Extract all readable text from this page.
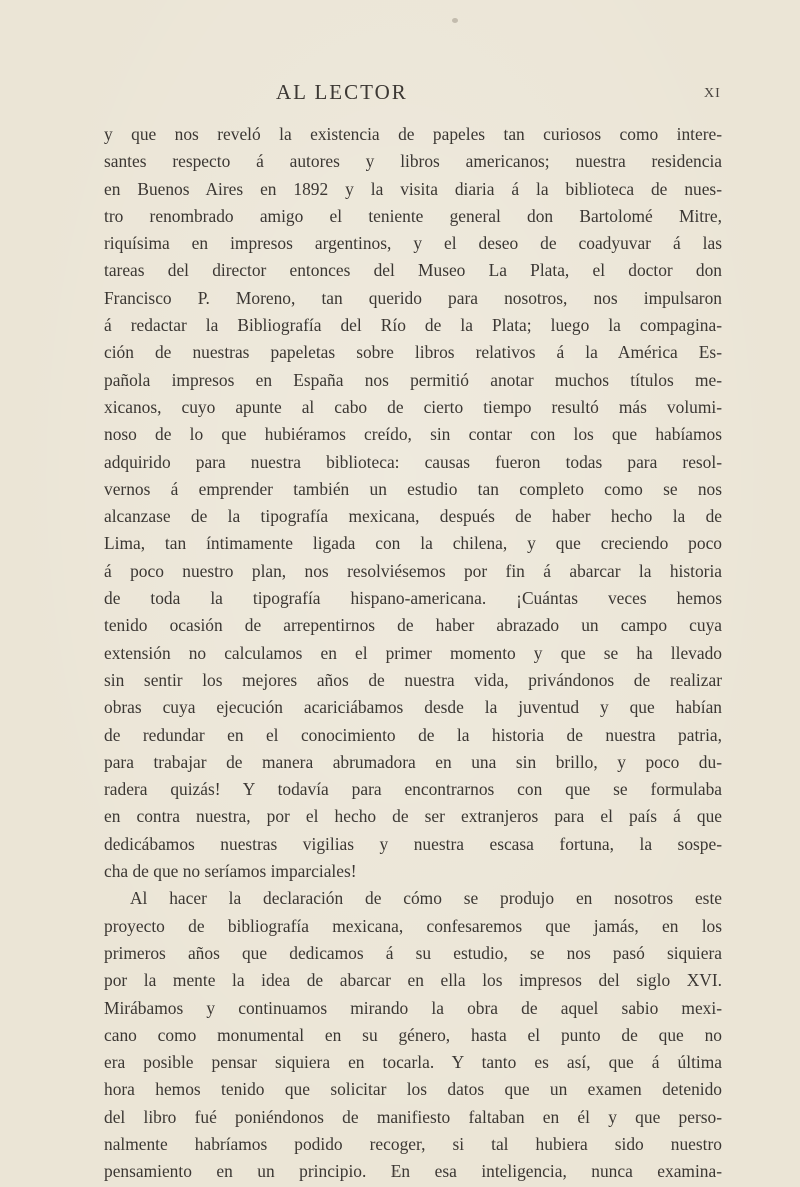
AL LECTOR	XI
y que nos reveló la existencia de papeles tan curiosos como intere-
santes respecto á autores y libros americanos; nuestra residencia
en Buenos Aires en 1892 y la visita diaria á la biblioteca de nues-
tro renombrado amigo el teniente general don Bartolomé Mitre,
riquísima en impresos argentinos, y el deseo de coadyuvar á las
tareas del director entonces del Museo La Plata, el doctor don
Francisco P. Moreno, tan querido para nosotros, nos impulsaron
á redactar la Bibliografía del Río de la Plata; luego la compagina-
ción de nuestras papeletas sobre libros relativos á la América Es-
pañola impresos en España nos permitió anotar muchos títulos me-
xicanos, cuyo apunte al cabo de cierto tiempo resultó más volumi-
noso de lo que hubiéramos creído, sin contar con los que habíamos
adquirido para nuestra biblioteca: causas fueron todas para resol-
vernos á emprender también un estudio tan completo como se nos
alcanzase de la tipografía mexicana, después de haber hecho la de
Lima, tan íntimamente ligada con la chilena, y que creciendo poco
á poco nuestro plan, nos resolviésemos por fin á abarcar la historia
de toda la tipografía hispano-americana. ¡Cuántas veces hemos
tenido ocasión de arrepentirnos de haber abrazado un campo cuya
extensión no calculamos en el primer momento y que se ha llevado
sin sentir los mejores años de nuestra vida, privándonos de realizar
obras cuya ejecución acariciábamos desde la juventud y que habían
de redundar en el conocimiento de la historia de nuestra patria,
para trabajar de manera abrumadora en una sin brillo, y poco du-
radera quizás! Y todavía para encontrarnos con que se formulaba
en contra nuestra, por el hecho de ser extranjeros para el país á que
dedicábamos nuestras vigilias y nuestra escasa fortuna, la sospe-
cha de que no seríamos imparciales!
Al hacer la declaración de cómo se produjo en nosotros este
proyecto de bibliografía mexicana, confesaremos que jamás, en los
primeros años que dedicamos á su estudio, se nos pasó siquiera
por la mente la idea de abarcar en ella los impresos del siglo XVI.
Mirábamos y continuamos mirando la obra de aquel sabio mexi-
cano como monumental en su género, hasta el punto de que no
era posible pensar siquiera en tocarla. Y tanto es así, que á última
hora hemos tenido que solicitar los datos que un examen detenido
del libro fué poniéndonos de manifiesto faltaban en él y que perso-
nalmente habríamos podido recoger, si tal hubiera sido nuestro
pensamiento en un principio. En esa inteligencia, nunca examina-
